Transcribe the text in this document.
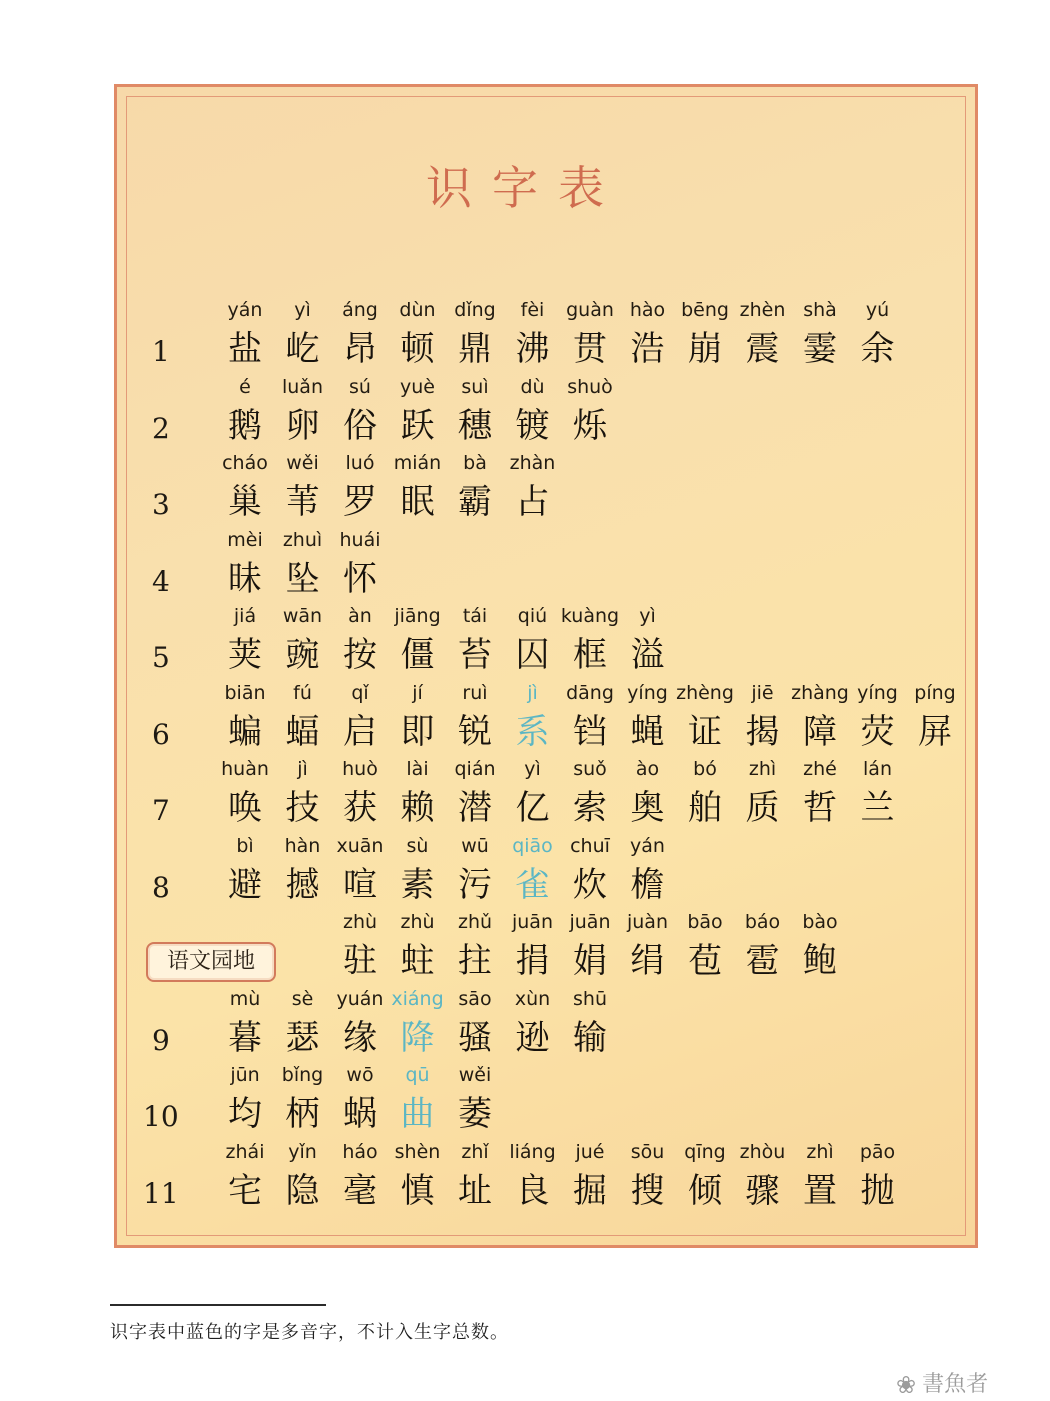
识字表
1
yán
盐
yì
屹
áng
昂
dùn
顿
dǐng
鼎
fèi
沸
guàn
贯
hào
浩
bēng
崩
zhèn
震
shà
霎
yú
余
2
é
鹅
luǎn
卵
sú
俗
yuè
跃
suì
穗
dù
镀
shuò
烁
3
cháo
巢
wěi
苇
luó
罗
mián
眠
bà
霸
zhàn
占
4
mèi
昧
zhuì
坠
huái
怀
5
jiá
荚
wān
豌
àn
按
jiāng
僵
tái
苔
qiú
囚
kuàng
框
yì
溢
6
biān
蝙
fú
蝠
qǐ
启
jí
即
ruì
锐
jì
系
dāng
铛
yíng
蝇
zhèng
证
jiē
揭
zhàng
障
yíng
荧
píng
屏
7
huàn
唤
jì
技
huò
获
lài
赖
qián
潜
yì
亿
suǒ
索
ào
奥
bó
舶
zhì
质
zhé
哲
lán
兰
8
bì
避
hàn
撼
xuān
喧
sù
素
wū
污
qiāo
雀
chuī
炊
yán
檐
zhù
驻
zhù
蛀
zhǔ
拄
juān
捐
juān
娟
juàn
绢
bāo
苞
báo
雹
bào
鲍
9
mù
暮
sè
瑟
yuán
缘
xiáng
降
sāo
骚
xùn
逊
shū
输
10
jūn
均
bǐng
柄
wō
蜗
qū
曲
wěi
萎
11
zhái
宅
yǐn
隐
háo
毫
shèn
慎
zhǐ
址
liáng
良
jué
掘
sōu
搜
qīng
倾
zhòu
骤
zhì
置
pāo
抛
识字表中蓝色的字是多音字，不计入生字总数。
❀ 書魚者
语文园地
